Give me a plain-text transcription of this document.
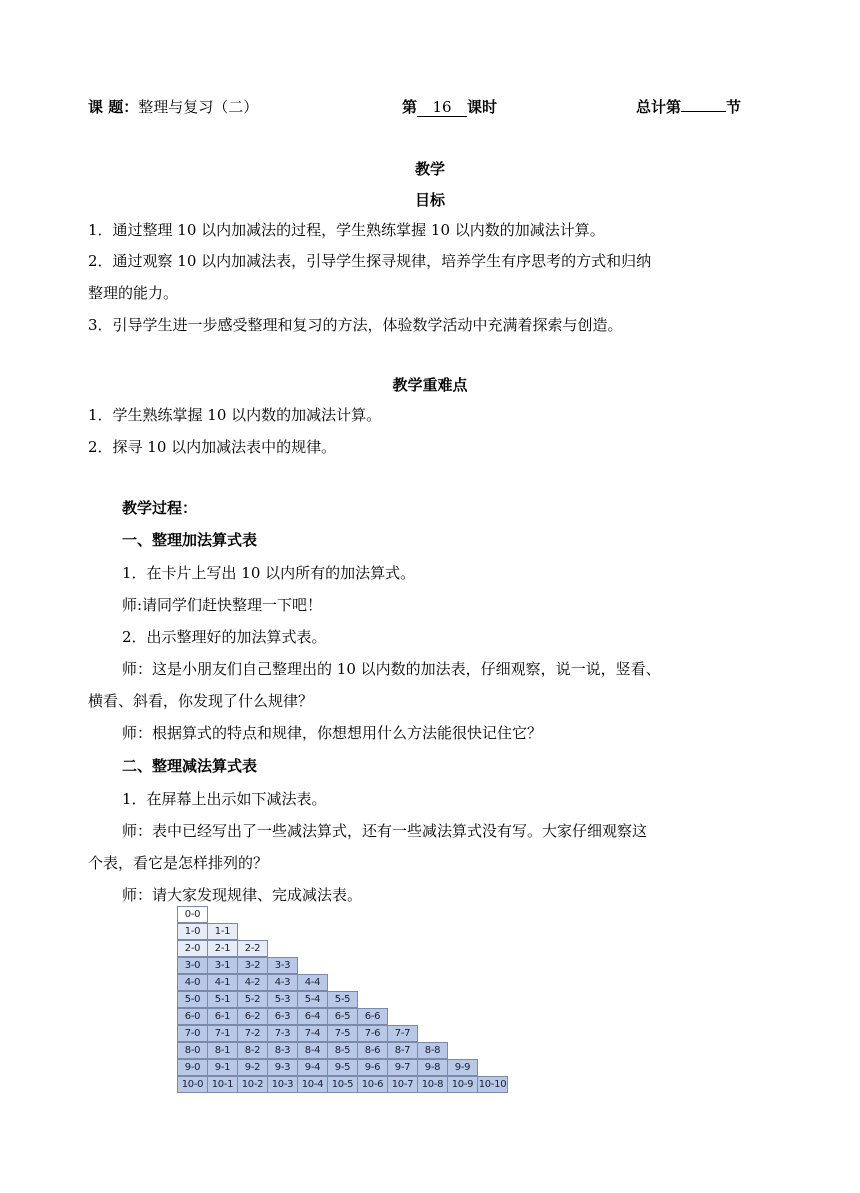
课 题：整理与复习（二）	第 16 课时	总计第	节
教学
目标
1．通过整理 10 以内加减法的过程，学生熟练掌握 10 以内数的加减法计算。
2．通过观察 10 以内加减法表，引导学生探寻规律，培养学生有序思考的方式和归纳
整理的能力。
3．引导学生进一步感受整理和复习的方法，体验数学活动中充满着探索与创造。
教学重难点
1．学生熟练掌握 10 以内数的加减法计算。
2．探寻 10 以内加减法表中的规律。
教学过程：
一、整理加法算式表
1．在卡片上写出 10 以内所有的加法算式。
师:请同学们赶快整理一下吧！
2．出示整理好的加法算式表。
师：这是小朋友们自己整理出的 10 以内数的加法表，仔细观察，说一说，竖看、
横看、斜看，你发现了什么规律？
师：根据算式的特点和规律，你想想用什么方法能很快记住它？
二、整理减法算式表
1．在屏幕上出示如下减法表。
师：表中已经写出了一些减法算式，还有一些减法算式没有写。大家仔细观察这
个表，看它是怎样排列的？
师：请大家发现规律、完成减法表。
0-0
1-0	1-1
2-0	2-1	2-2
3-0	3-1	3-2	3-3
4-0	4-1	4-2	4-3	4-4
5-0	5-1	5-2	5-3	5-4	5-5
6-0	6-1	6-2	6-3	6-4	6-5	6-6
7-0	7-1	7-2	7-3	7-4	7-5	7-6	7-7
8-0	8-1	8-2	8-3	8-4	8-5	8-6	8-7	8-8
9-0	9-1	9-2	9-3	9-4	9-5	9-6	9-7	9-8	9-9
10-0 10-1 10-2 10-3 10-4 10-5 10-6 10-7 10-8 10-9 10-10
